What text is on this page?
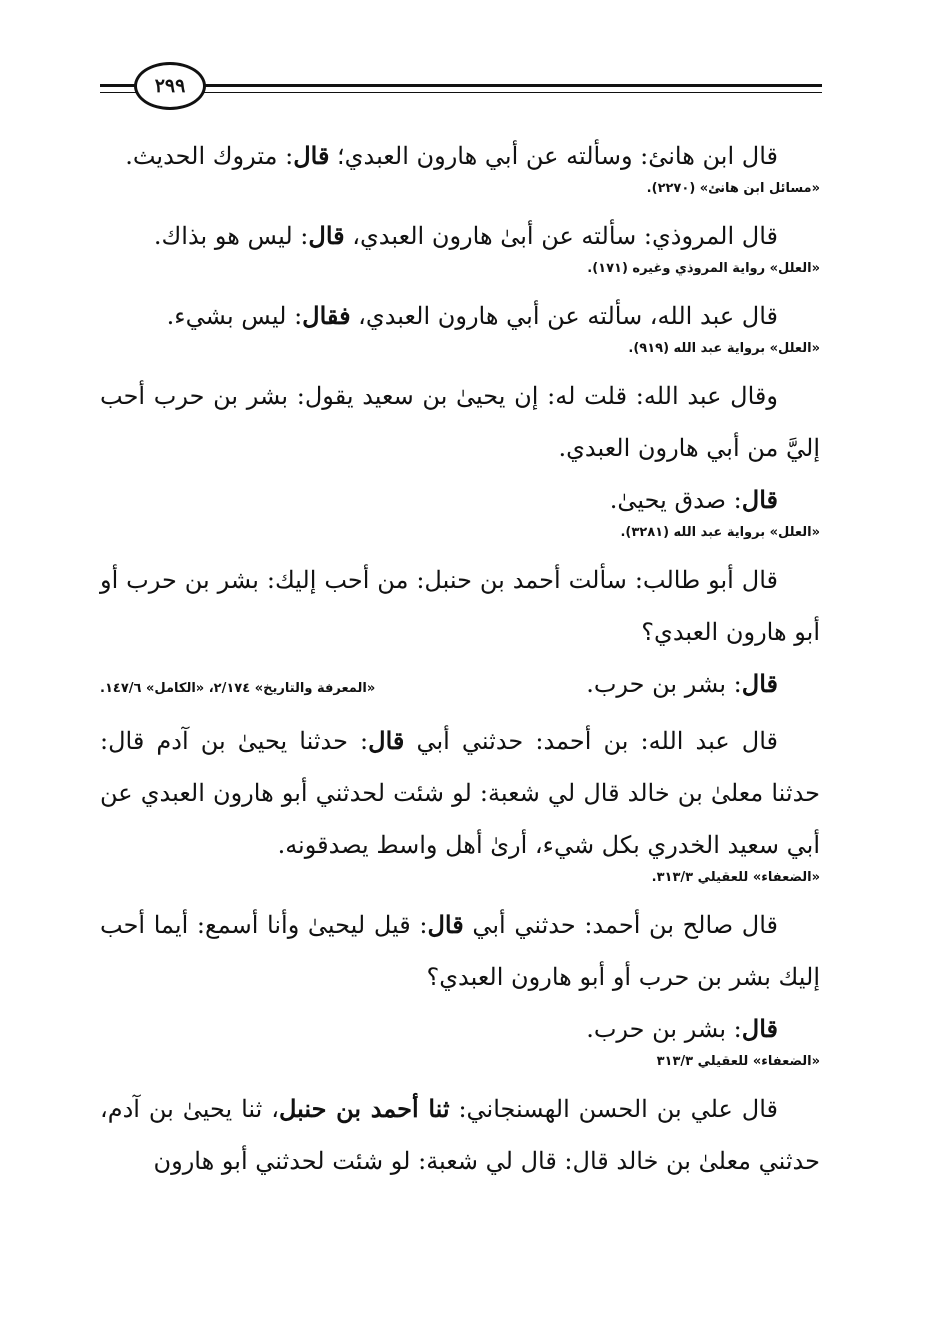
٢٩٩

قال ابن هانئ: وسألته عن أبي هارون العبدي؛ قال: متروك الحديث.

«مسائل ابن هانئ» (٢٢٧٠).

قال المروذي: سألته عن أبىٰ هارون العبدي، قال: ليس هو بذاك.

«العلل» رواية المروذي وغيره (١٧١).

قال عبد الله، سألته عن أبي هارون العبدي، فقال: ليس بشيء.

«العلل» برواية عبد الله (٩١٩).

وقال عبد الله: قلت له: إن يحيىٰ بن سعيد يقول: بشر بن حرب أحب إليَّ من أبي هارون العبدي.

قال: صدق يحيىٰ.

«العلل» برواية عبد الله (٣٢٨١).

قال أبو طالب: سألت أحمد بن حنبل: من أحب إليك: بشر بن حرب أو أبو هارون العبدي؟

قال: بشر بن حرب.
«المعرفة والتاريخ» ٢/١٧٤، «الكامل» ١٤٧/٦.

قال عبد الله: بن أحمد: حدثني أبي قال: حدثنا يحيىٰ بن آدم قال: حدثنا معلىٰ بن خالد قال لي شعبة: لو شئت لحدثني أبو هارون العبدي عن أبي سعيد الخدري بكل شيء، أرىٰ أهل واسط يصدقونه.

«الضعفاء» للعقيلي ٣١٣/٣.

قال صالح بن أحمد: حدثني أبي قال: قيل ليحيىٰ وأنا أسمع: أيما أحب إليك بشر بن حرب أو أبو هارون العبدي؟

قال: بشر بن حرب.

«الضعفاء» للعقيلي ٣١٣/٣

قال علي بن الحسن الهسنجاني: ثنا أحمد بن حنبل، ثنا يحيىٰ بن آدم، حدثني معلىٰ بن خالد قال: قال لي شعبة: لو شئت لحدثني أبو هارون
